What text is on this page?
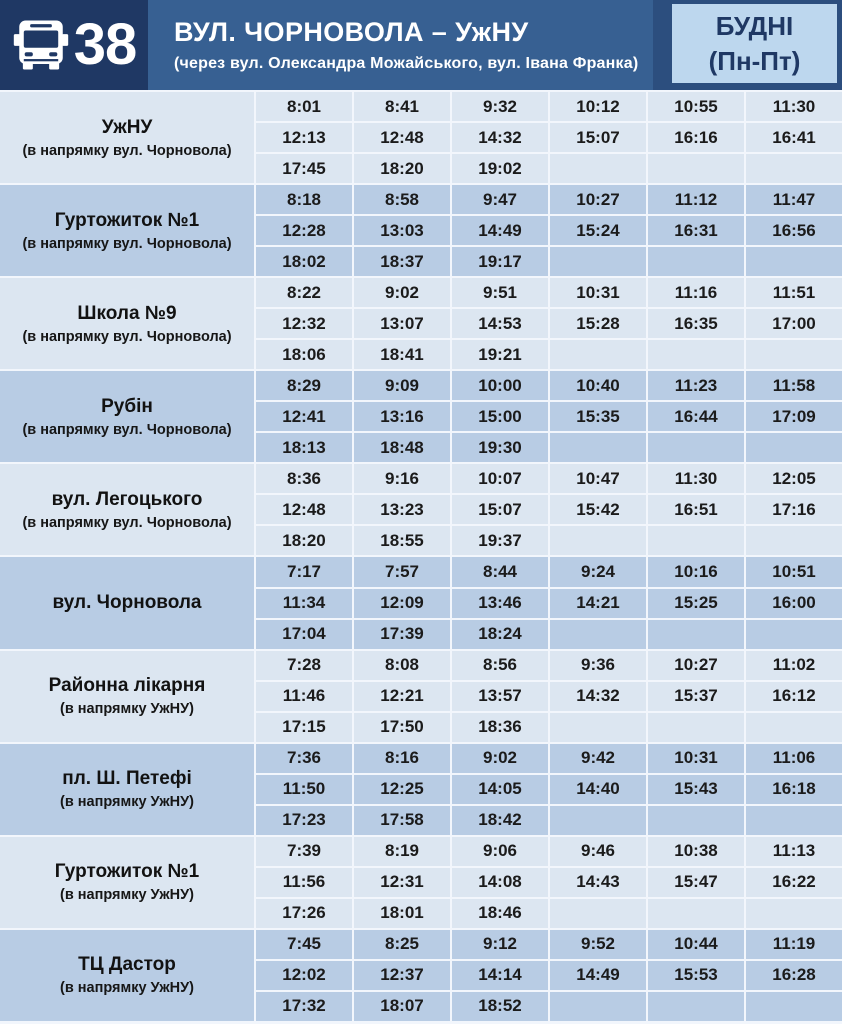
38 ВУЛ. ЧОРНОВОЛА – УжНУ
(через вул. Олександра Можайського, вул. Івана Франка)
БУДНІ
(Пн-Пт)
УжНУ
(в напрямку вул. Чорновола)
8:01	8:41	9:32	10:12	10:55	11:30
12:13	12:48	14:32	15:07	16:16	16:41
17:45	18:20	19:02
Гуртожиток №1
(в напрямку вул. Чорновола)
8:18	8:58	9:47	10:27	11:12	11:47
12:28	13:03	14:49	15:24	16:31	16:56
18:02	18:37	19:17
Школа №9
(в напрямку вул. Чорновола)
8:22	9:02	9:51	10:31	11:16	11:51
12:32	13:07	14:53	15:28	16:35	17:00
18:06	18:41	19:21
Рубін
(в напрямку вул. Чорновола)
8:29	9:09	10:00	10:40	11:23	11:58
12:41	13:16	15:00	15:35	16:44	17:09
18:13	18:48	19:30
вул. Легоцького
(в напрямку вул. Чорновола)
8:36	9:16	10:07	10:47	11:30	12:05
12:48	13:23	15:07	15:42	16:51	17:16
18:20	18:55	19:37
вул. Чорновола
7:17	7:57	8:44	9:24	10:16	10:51
11:34	12:09	13:46	14:21	15:25	16:00
17:04	17:39	18:24
Районна лікарня
(в напрямку УжНУ)
7:28	8:08	8:56	9:36	10:27	11:02
11:46	12:21	13:57	14:32	15:37	16:12
17:15	17:50	18:36
пл. Ш. Петефі
(в напрямку УжНУ)
7:36	8:16	9:02	9:42	10:31	11:06
11:50	12:25	14:05	14:40	15:43	16:18
17:23	17:58	18:42
Гуртожиток №1
(в напрямку УжНУ)
7:39	8:19	9:06	9:46	10:38	11:13
11:56	12:31	14:08	14:43	15:47	16:22
17:26	18:01	18:46
ТЦ Дастор
(в напрямку УжНУ)
7:45	8:25	9:12	9:52	10:44	11:19
12:02	12:37	14:14	14:49	15:53	16:28
17:32	18:07	18:52
